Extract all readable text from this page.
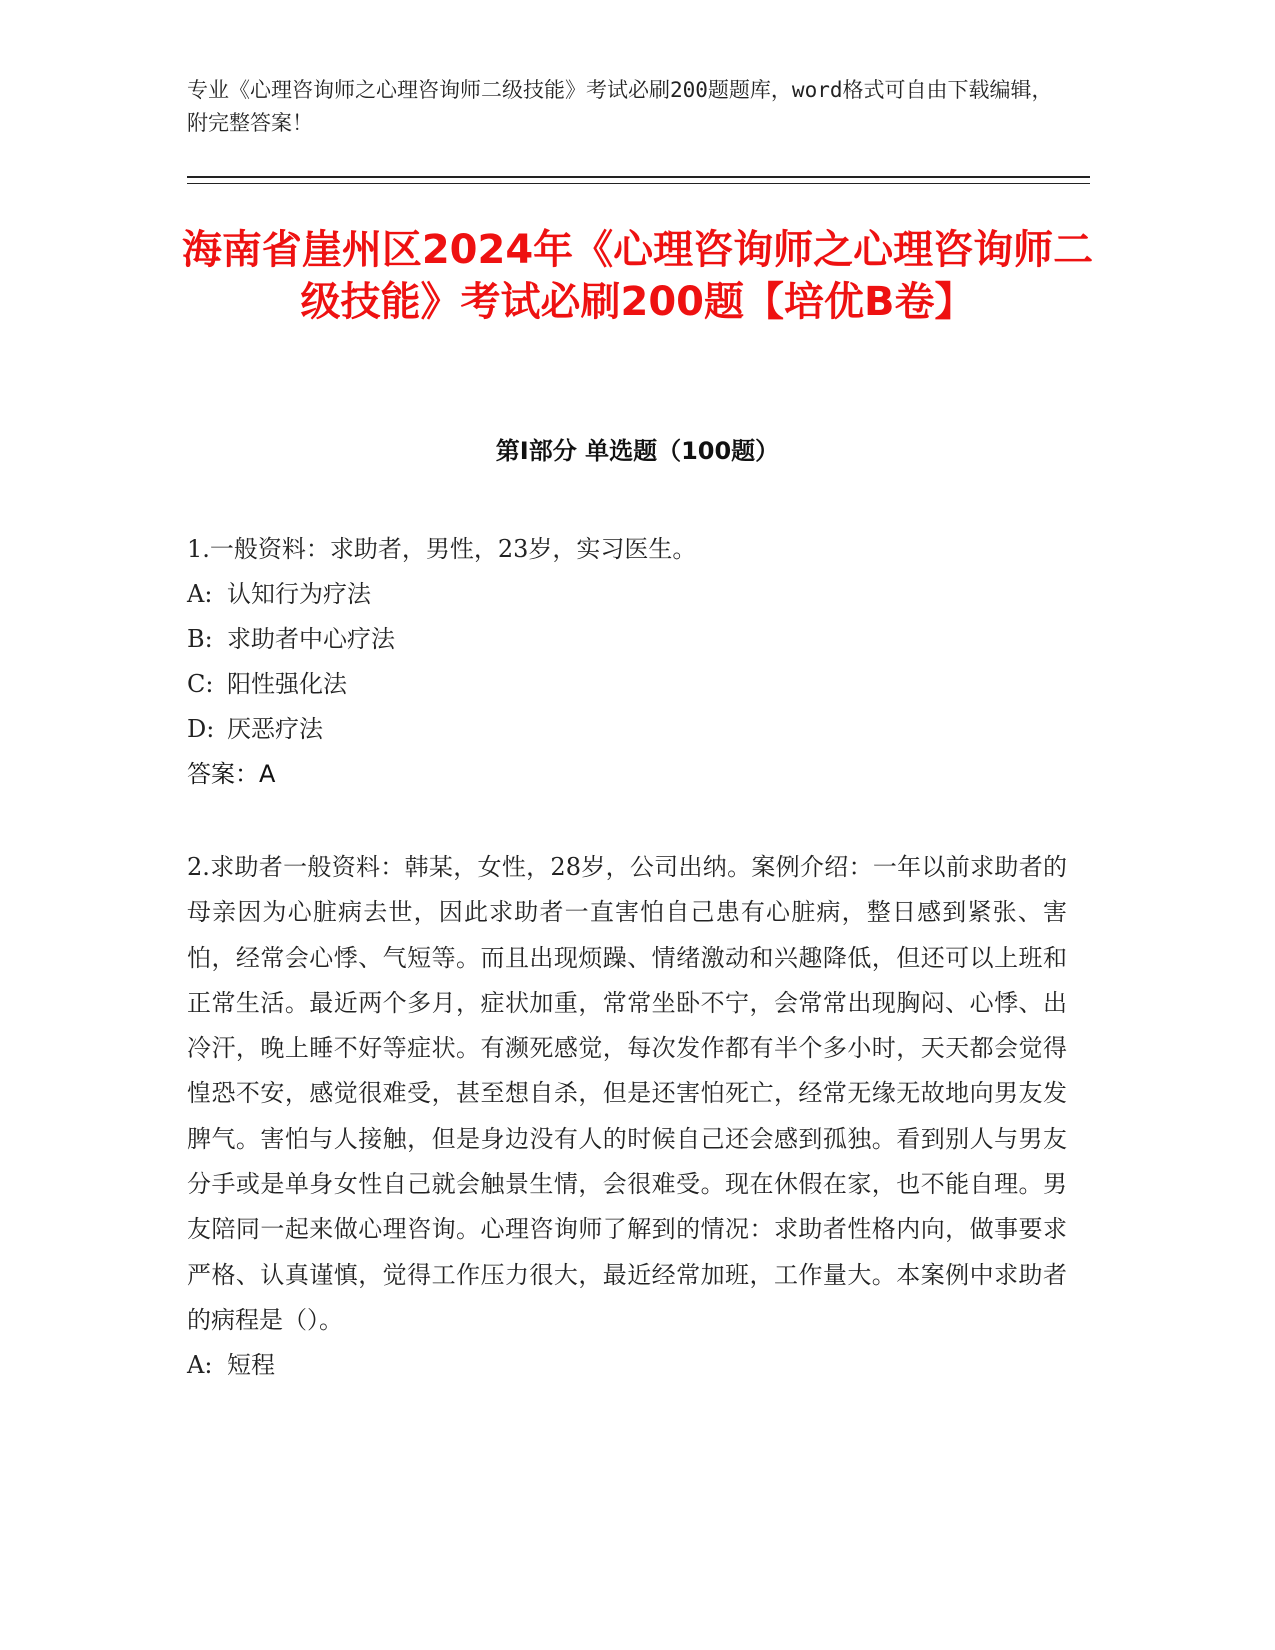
专业《心理咨询师之心理咨询师二级技能》考试必刷200题题库，word格式可自由下载编辑，附完整答案！
海南省崖州区2024年《心理咨询师之心理咨询师二级技能》考试必刷200题【培优B卷】
第Ⅰ部分 单选题（100题）

1.一般资料：求助者，男性，23岁，实习医生。

A: 认知行为疗法

B: 求助者中心疗法

C: 阳性强化法

D: 厌恶疗法

答案：A

2.求助者一般资料：韩某，女性，28岁，公司出纳。案例介绍：一年以前求助者的母亲因为心脏病去世，因此求助者一直害怕自己患有心脏病，整日感到紧张、害怕，经常会心悸、气短等。而且出现烦躁、情绪激动和兴趣降低，但还可以上班和正常生活。最近两个多月，症状加重，常常坐卧不宁，会常常出现胸闷、心悸、出冷汗，晚上睡不好等症状。有濒死感觉，每次发作都有半个多小时，天天都会觉得惶恐不安，感觉很难受，甚至想自杀，但是还害怕死亡，经常无缘无故地向男友发脾气。害怕与人接触，但是身边没有人的时候自己还会感到孤独。看到别人与男友分手或是单身女性自己就会触景生情，会很难受。现在休假在家，也不能自理。男友陪同一起来做心理咨询。心理咨询师了解到的情况：求助者性格内向，做事要求严格、认真谨慎，觉得工作压力很大，最近经常加班，工作量大。本案例中求助者的病程是（）。

A: 短程
